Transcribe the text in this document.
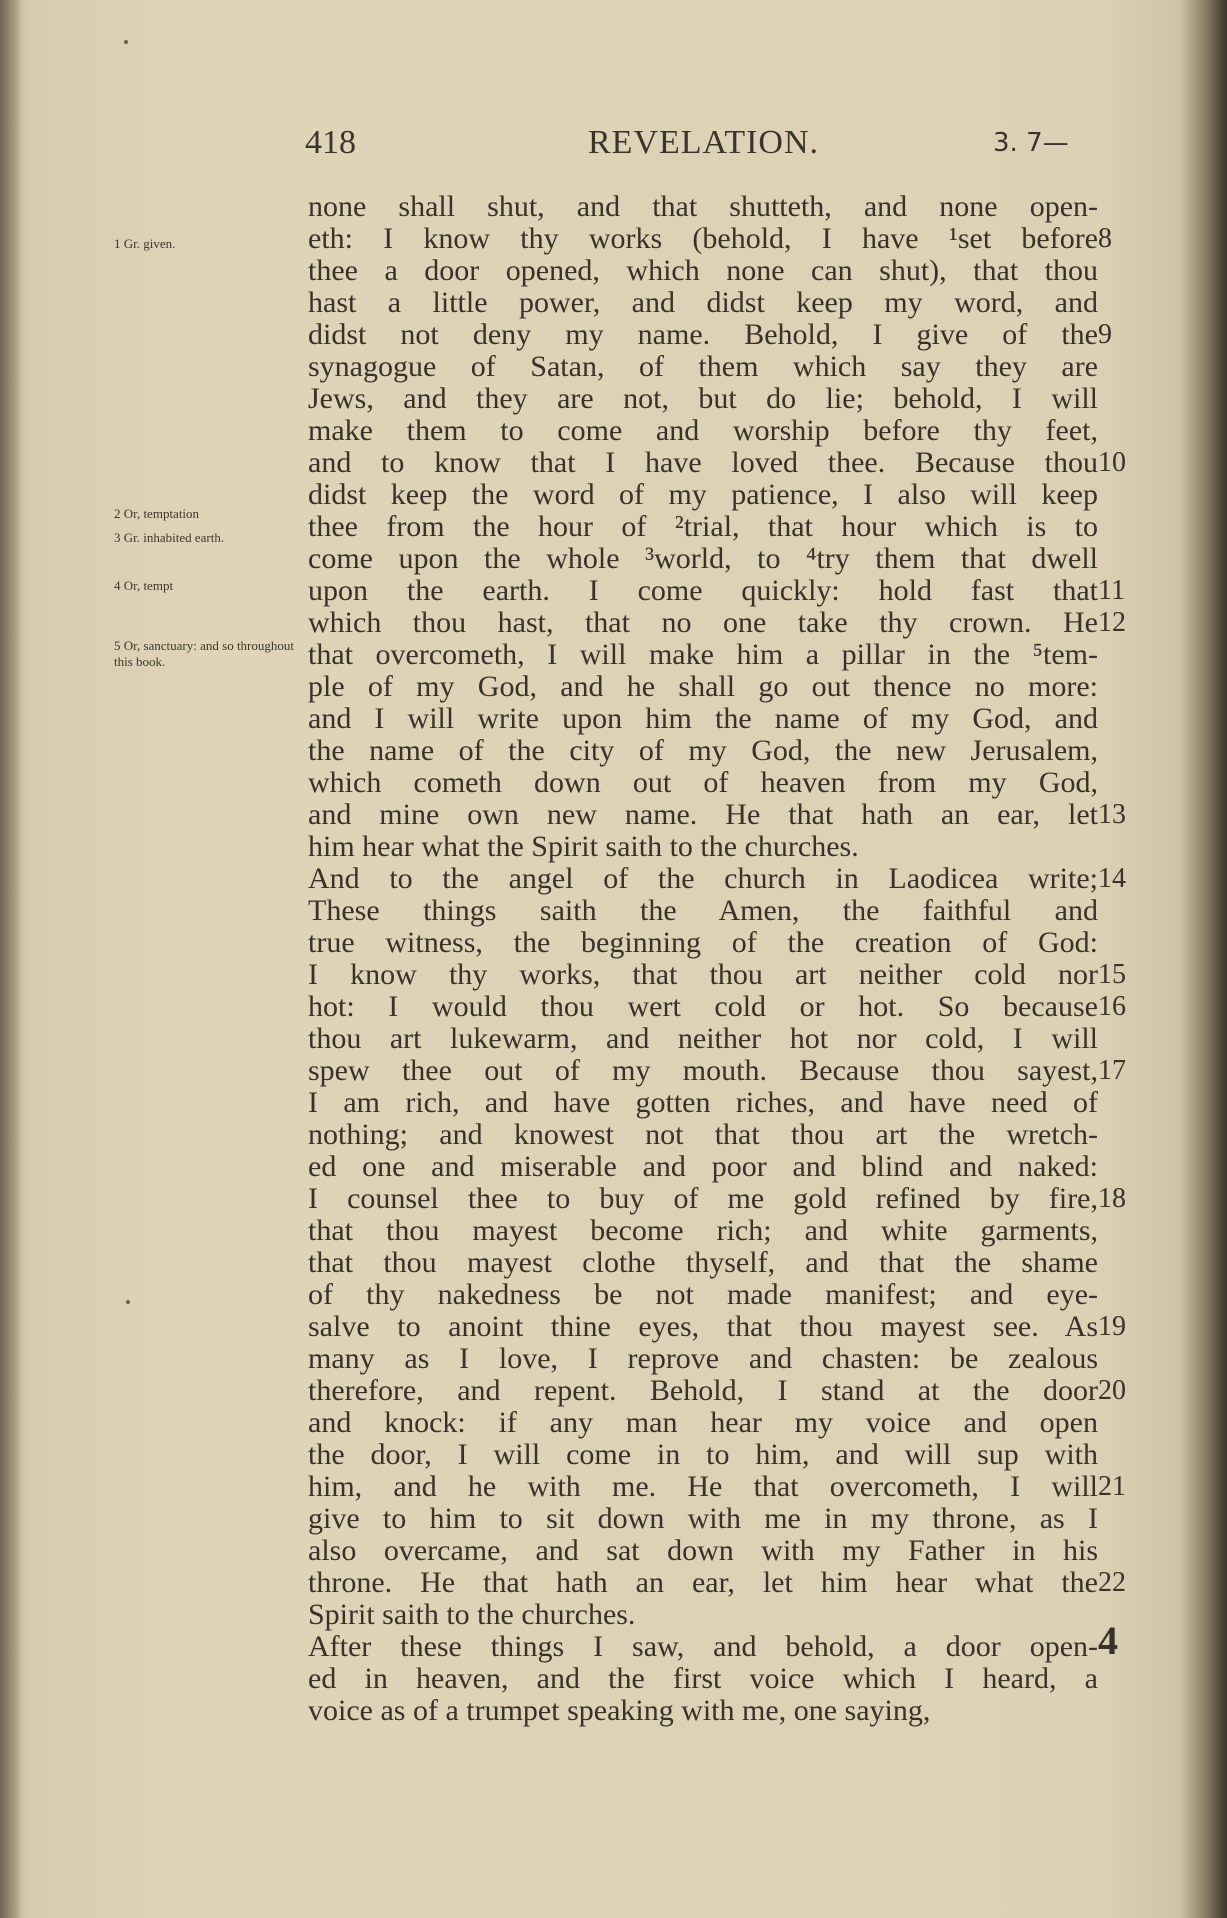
418	REVELATION.	3. 7—
none shall shut, and that shutteth, and none open-
eth: I know thy works (behold, I have ¹set before
thee a door opened, which none can shut), that thou
hast a little power, and didst keep my word, and
didst not deny my name. Behold, I give of the
synagogue of Satan, of them which say they are
Jews, and they are not, but do lie; behold, I will
make them to come and worship before thy feet,
and to know that I have loved thee. Because thou
didst keep the word of my patience, I also will keep
thee from the hour of ²trial, that hour which is to
come upon the whole ³world, to ⁴try them that dwell
upon the earth. I come quickly: hold fast that
which thou hast, that no one take thy crown. He
that overcometh, I will make him a pillar in the ⁵tem-
ple of my God, and he shall go out thence no more:
and I will write upon him the name of my God, and
the name of the city of my God, the new Jerusalem,
which cometh down out of heaven from my God,
and mine own new name. He that hath an ear, let
him hear what the Spirit saith to the churches.
And to the angel of the church in Laodicea write;
These things saith the Amen, the faithful and
true witness, the beginning of the creation of God:
I know thy works, that thou art neither cold nor
hot: I would thou wert cold or hot. So because
thou art lukewarm, and neither hot nor cold, I will
spew thee out of my mouth. Because thou sayest,
I am rich, and have gotten riches, and have need of
nothing; and knowest not that thou art the wretch-
ed one and miserable and poor and blind and naked:
I counsel thee to buy of me gold refined by fire,
that thou mayest become rich; and white garments,
that thou mayest clothe thyself, and that the shame
of thy nakedness be not made manifest; and eye-
salve to anoint thine eyes, that thou mayest see. As
many as I love, I reprove and chasten: be zealous
therefore, and repent. Behold, I stand at the door
and knock: if any man hear my voice and open
the door, I will come in to him, and will sup with
him, and he with me. He that overcometh, I will
give to him to sit down with me in my throne, as I
also overcame, and sat down with my Father in his
throne. He that hath an ear, let him hear what the
Spirit saith to the churches.
After these things I saw, and behold, a door open-
ed in heaven, and the first voice which I heard, a
voice as of a trumpet speaking with me, one saying,
8
9
10
11
12
13
14
15
16
17
18
19
20
21
22
4
1 Gr. given.
2 Or, temptation
3 Gr. inhabited earth.
4 Or, tempt
5 Or, sanctuary: and so throughout this book.
